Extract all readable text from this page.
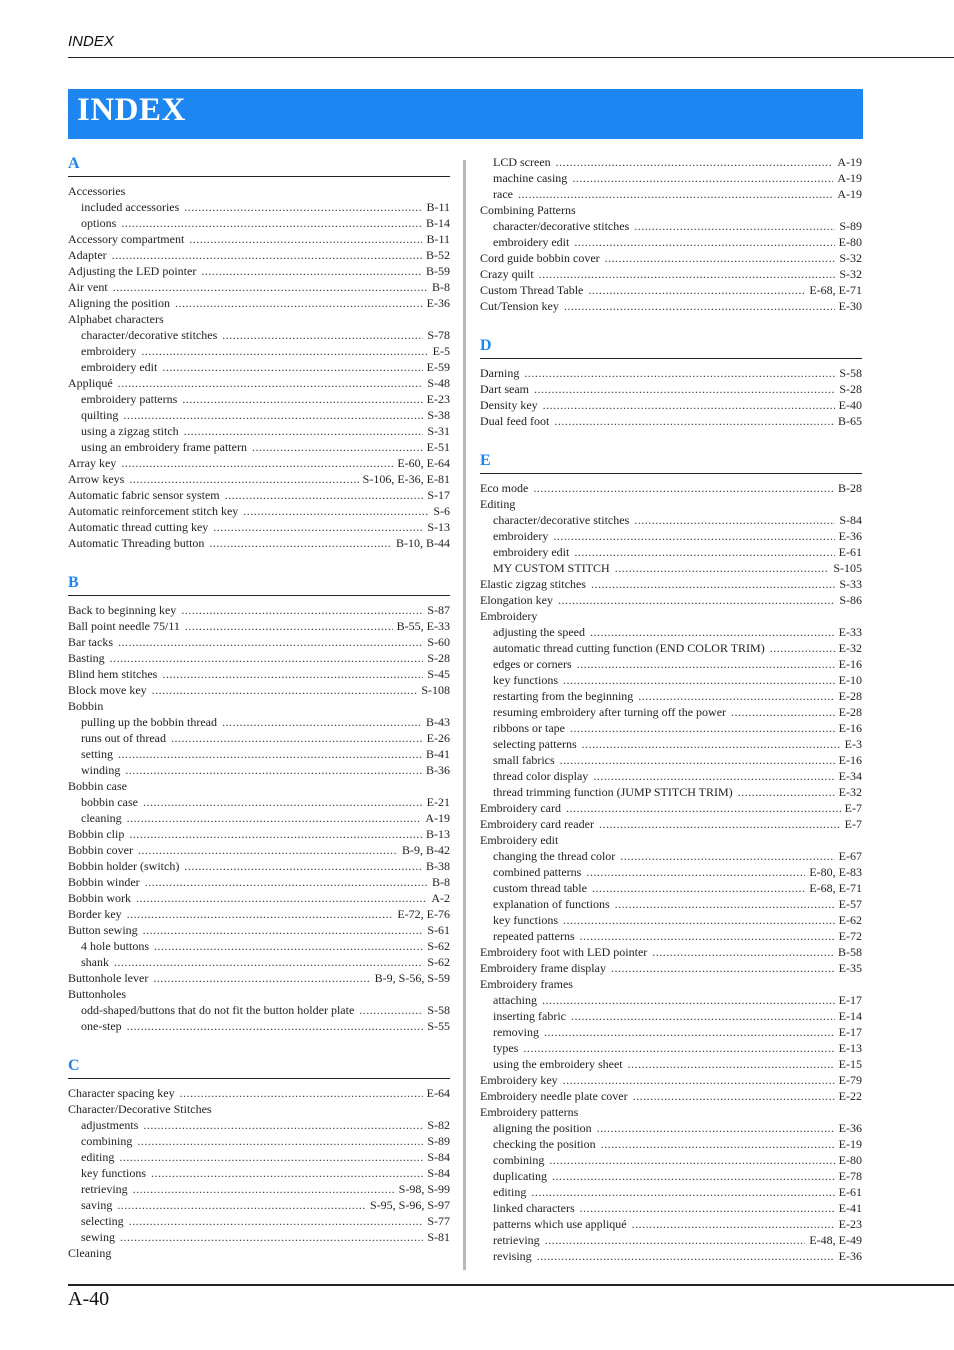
INDEX
INDEX
A
Accessories
included accessories .....	B-11
options .....	B-14
Accessory compartment .....	B-11
Adapter .....	B-52
Adjusting the LED pointer .....	B-59
Air vent .....	B-8
Aligning the position .....	E-36
Alphabet characters
character/decorative stitches .....	S-78
embroidery .....	E-5
embroidery edit .....	E-59
Appliqué .....	S-48
embroidery patterns .....	E-23
quilting .....	S-38
using a zigzag stitch .....	S-31
using an embroidery frame pattern .....	E-51
Array key .....	E-60, E-64
Arrow keys .....	S-106, E-36, E-81
Automatic fabric sensor system .....	S-17
Automatic reinforcement stitch key .....	S-6
Automatic thread cutting key .....	S-13
Automatic Threading button .....	B-10, B-44
B
Back to beginning key .....	S-87
Ball point needle 75/11 .....	B-55, E-33
Bar tacks .....	S-60
Basting .....	S-28
Blind hem stitches .....	S-45
Block move key .....	S-108
Bobbin
pulling up the bobbin thread .....	B-43
runs out of thread .....	E-26
setting .....	B-41
winding .....	B-36
Bobbin case
bobbin case .....	E-21
cleaning .....	A-19
Bobbin clip .....	B-13
Bobbin cover .....	B-9, B-42
Bobbin holder (switch) .....	B-38
Bobbin winder .....	B-8
Bobbin work .....	A-2
Border key .....	E-72, E-76
Button sewing .....	S-61
4 hole buttons .....	S-62
shank .....	S-62
Buttonhole lever .....	B-9, S-56, S-59
Buttonholes
odd-shaped/buttons that do not fit the button holder plate .....	S-58
one-step .....	S-55
C
Character spacing key .....	E-64
Character/Decorative Stitches
adjustments .....	S-82
combining .....	S-89
editing .....	S-84
key functions .....	S-84
retrieving .....	S-98, S-99
saving .....	S-95, S-96, S-97
selecting .....	S-77
sewing .....	S-81
Cleaning
LCD screen .....	A-19
machine casing .....	A-19
race .....	A-19
Combining Patterns
character/decorative stitches .....	S-89
embroidery edit .....	E-80
Cord guide bobbin cover .....	S-32
Crazy quilt .....	S-32
Custom Thread Table .....	E-68, E-71
Cut/Tension key .....	E-30
D
Darning .....	S-58
Dart seam .....	S-28
Density key .....	E-40
Dual feed foot .....	B-65
E
Eco mode .....	B-28
Editing
character/decorative stitches .....	S-84
embroidery .....	E-36
embroidery edit .....	E-61
MY CUSTOM STITCH .....	S-105
Elastic zigzag stitches .....	S-33
Elongation key .....	S-86
Embroidery
adjusting the speed .....	E-33
automatic thread cutting function (END COLOR TRIM) .....	E-32
edges or corners .....	E-16
key functions .....	E-10
restarting from the beginning .....	E-28
resuming embroidery after turning off the power .....	E-28
ribbons or tape .....	E-16
selecting patterns .....	E-3
small fabrics .....	E-16
thread color display .....	E-34
thread trimming function (JUMP STITCH TRIM) .....	E-32
Embroidery card .....	E-7
Embroidery card reader .....	E-7
Embroidery edit
changing the thread color .....	E-67
combined patterns .....	E-80, E-83
custom thread table .....	E-68, E-71
explanation of functions .....	E-57
key functions .....	E-62
repeated patterns .....	E-72
Embroidery foot with LED pointer .....	B-58
Embroidery frame display .....	E-35
Embroidery frames
attaching .....	E-17
inserting fabric .....	E-14
removing .....	E-17
types .....	E-13
using the embroidery sheet .....	E-15
Embroidery key .....	E-79
Embroidery needle plate cover .....	E-22
Embroidery patterns
aligning the position .....	E-36
checking the position .....	E-19
combining .....	E-80
duplicating .....	E-78
editing .....	E-61
linked characters .....	E-41
patterns which use appliqué .....	E-23
retrieving .....	E-48, E-49
revising .....	E-36
A-40
